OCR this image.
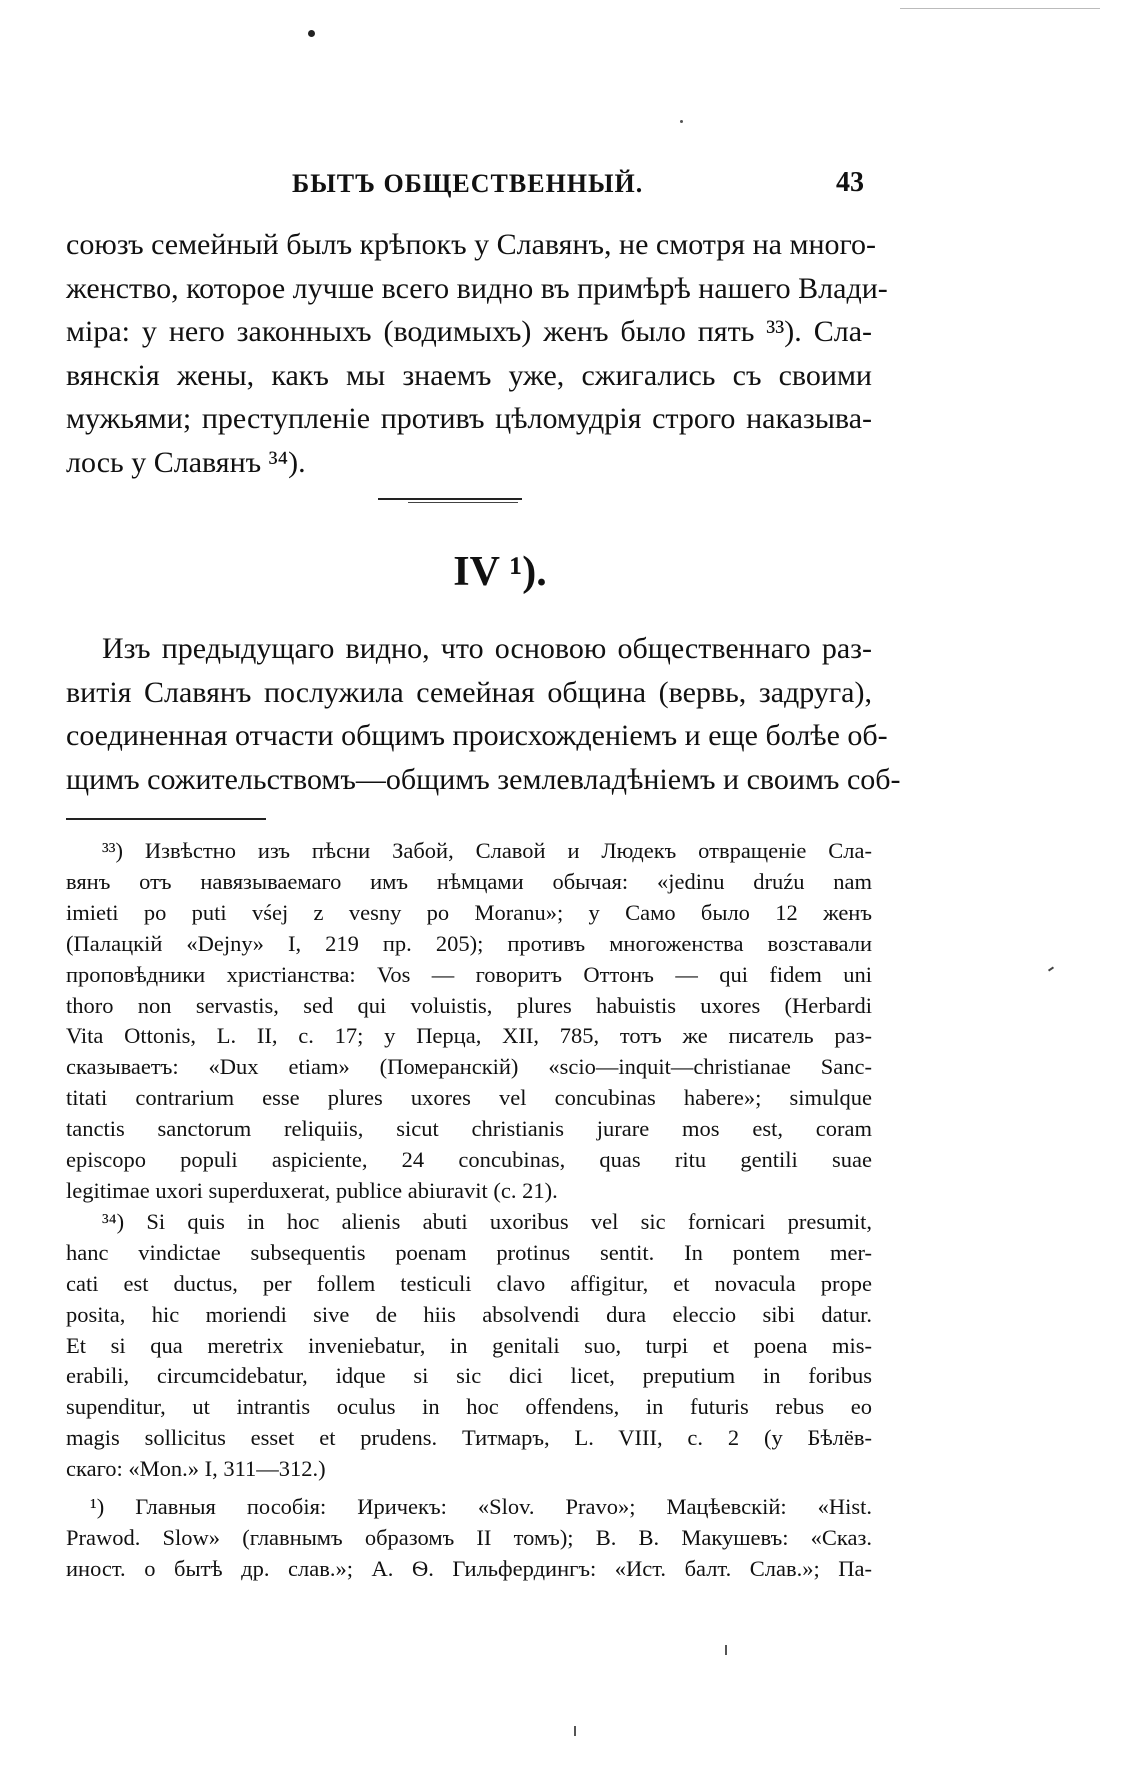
БЫТЪ ОБЩЕСТВЕННЫЙ.	43
союзъ семейный былъ крѣпокъ у Славянъ, не смотря на много-
женство, которое лучше всего видно въ примѣрѣ нашего Влади-
міра: у него законныхъ (водимыхъ) женъ было пять ³³). Сла-
вянскія жены, какъ мы знаемъ уже, сжигались съ своими
мужьями; преступленіе противъ цѣломудрія строго наказыва-
лось у Славянъ ³⁴).
IV ¹).
Изъ предыдущаго видно, что основою общественнаго раз-
витія Славянъ послужила семейная община (вервь, задруга),
соединенная отчасти общимъ происхожденіемъ и еще болѣе об-
щимъ сожительствомъ—общимъ землевладѣніемъ и своимъ соб-
³³) Извѣстно изъ пѣсни Забой, Славой и Людекъ отвращеніе Сла-
вянъ отъ навязываемаго имъ нѣмцами обычая: «jedinu druźu nam
imieti po puti vśej z vesny po Moranu»; у Само было 12 женъ
(Палацкій «Dejny» I, 219 пр. 205); противъ многоженства возставали
проповѣдники христіанства: Vos — говоритъ Оттонъ — qui fidem uni
thoro non servastis, sed qui voluistis, plures habuistis uxores (Herbardi
Vita Ottonis, L. II, c. 17; у Перца, XII, 785, тотъ же писатель раз-
сказываетъ: «Dux etiam» (Померанскій) «scio—inquit—christianae Sanc-
titati contrarium esse plures uxores vel concubinas habere»; simulque
tanctis sanctorum reliquiis, sicut christianis jurare mos est, coram
episcopo populi aspiciente, 24 concubinas, quas ritu gentili suae
legitimae uxori superduxerat, publice abiuravit (c. 21).
³⁴) Si quis in hoc alienis abuti uxoribus vel sic fornicari presumit,
hanc vindictae subsequentis poenam protinus sentit. In pontem mer-
cati est ductus, per follem testiculi clavo affigitur, et novacula prope
posita, hic moriendi sive de hiis absolvendi dura eleccio sibi datur.
Et si qua meretrix inveniebatur, in genitali suo, turpi et poena mis-
erabili, circumcidebatur, idque si sic dici licet, preputium in foribus
supenditur, ut intrantis oculus in hoc offendens, in futuris rebus eo
magis sollicitus esset et prudens. Титмаръ, L. VIII, c. 2 (у Бѣлёв-
скаго: «Mon.» I, 311—312.)
¹) Главныя пособія: Иричекъ: «Slov. Pravo»; Мацѣевскій: «Hist.
Prawod. Slow» (главнымъ образомъ II томъ); В. В. Макушевъ: «Сказ.
иност. о бытѣ др. слав.»; А. Ѳ. Гильфердингъ: «Ист. балт. Слав.»; Па-
